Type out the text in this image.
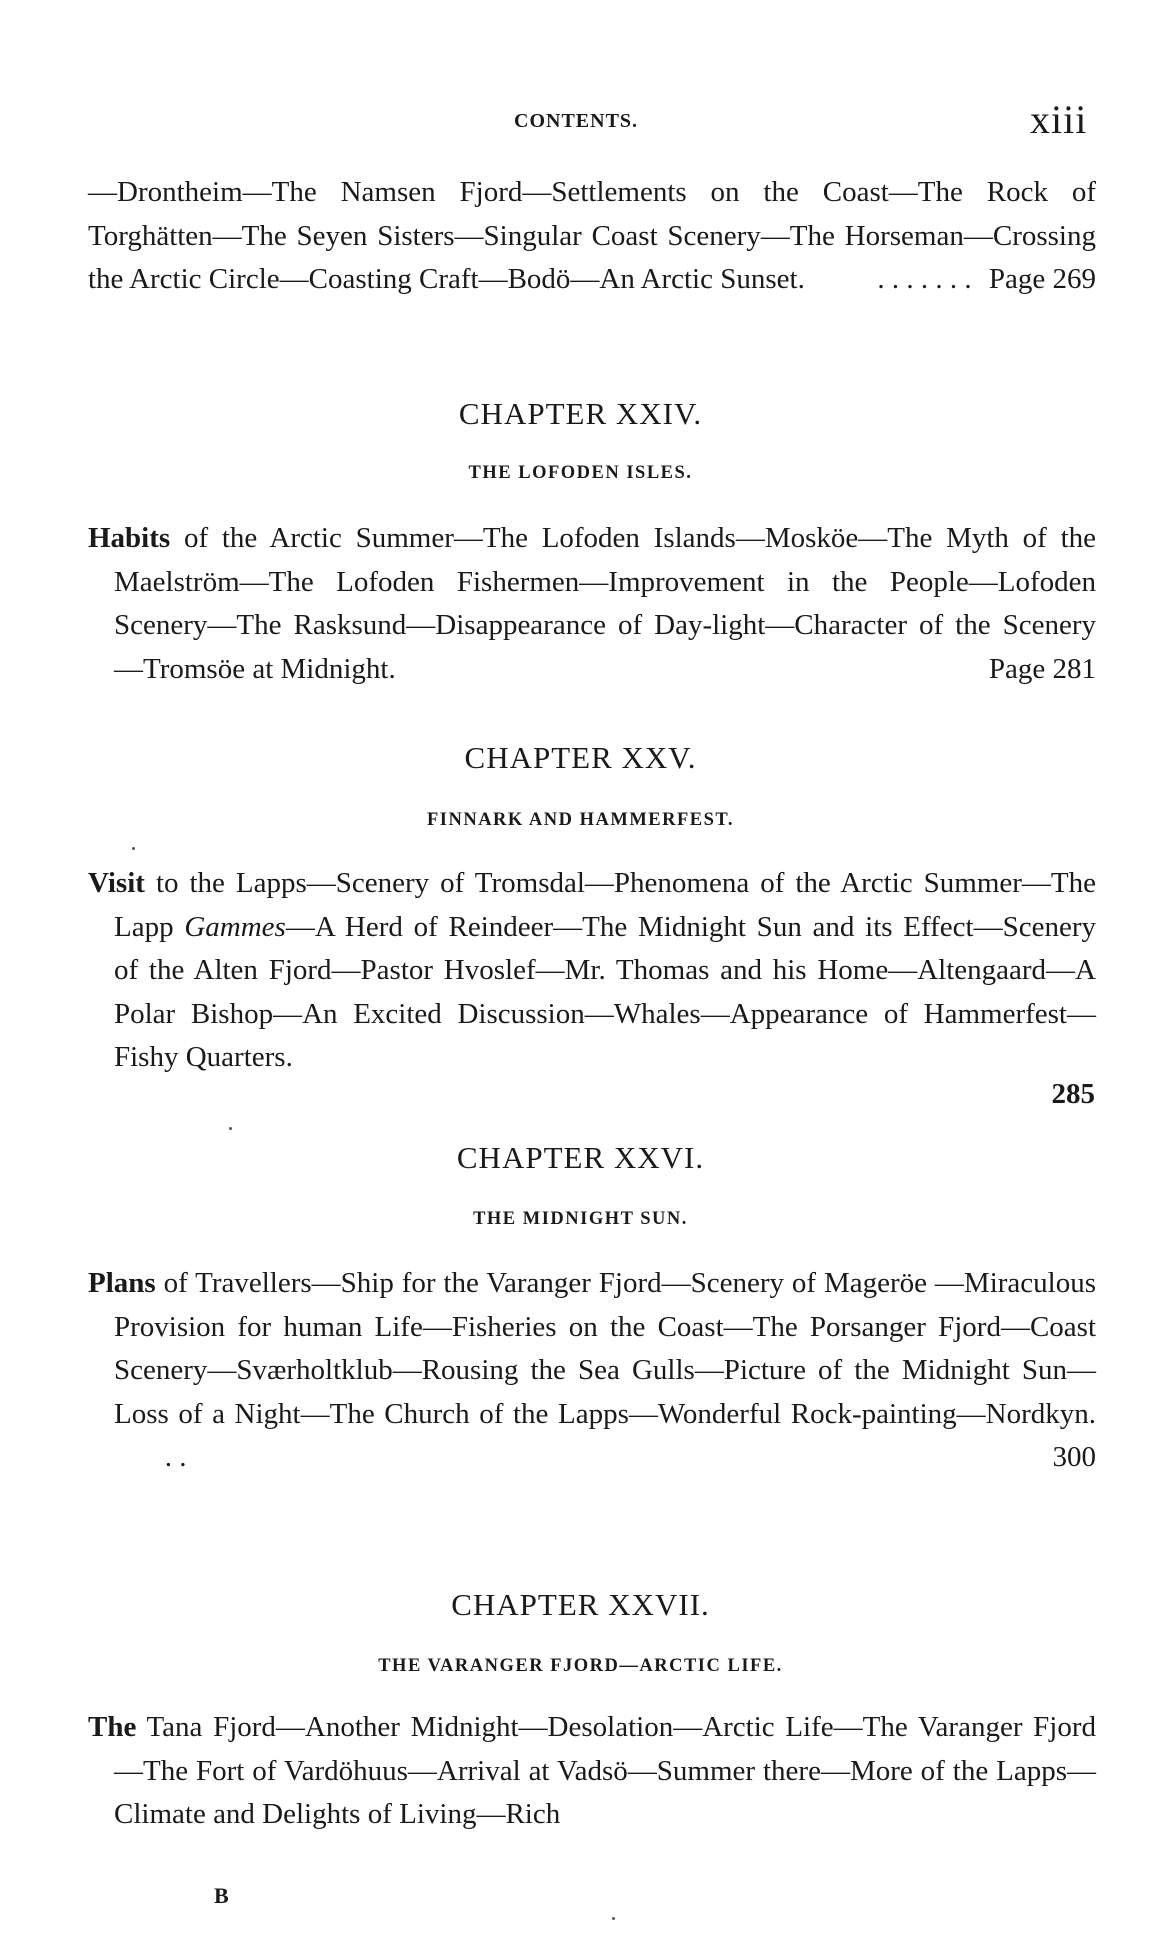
CONTENTS.	xiii

—Drontheim—The Namsen Fjord—Settlements on the Coast—The Rock of Torghätten—The Seyen Sisters—Singular Coast Scenery—The Horseman—Crossing the Arctic Circle—Coasting Craft—Bodö—An Arctic Sunset.	. . . . . . . Page 269

CHAPTER XXIV.
THE LOFODEN ISLES.

Habits of the Arctic Summer—The Lofoden Islands—Mosköe—The Myth of the Maelström—The Lofoden Fishermen—Improvement in the People—Lofoden Scenery—The Rasksund—Disappearance of Day-light—Character of the Scenery—Tromsöe at Midnight.	Page 281

CHAPTER XXV.
FINNARK AND HAMMERFEST.

Visit to the Lapps—Scenery of Tromsdal—Phenomena of the Arctic Summer—The Lapp Gammes—A Herd of Reindeer—The Midnight Sun and its Effect—Scenery of the Alten Fjord—Pastor Hvoslef—Mr. Thomas and his Home—Altengaard—A Polar Bishop—An Excited Discussion—Whales—Appearance of Hammerfest—Fishy Quarters.

285
CHAPTER XXVI.
THE MIDNIGHT SUN.

Plans of Travellers—Ship for the Varanger Fjord—Scenery of Mageröe —Miraculous Provision for human Life—Fisheries on the Coast—The Porsanger Fjord—Coast Scenery—Sværholtklub—Rousing the Sea Gulls—Picture of the Midnight Sun—Loss of a Night—The Church of the Lapps—Wonderful Rock-painting—Nordkyn.        . .	300

CHAPTER XXVII.
THE VARANGER FJORD—ARCTIC LIFE.

The Tana Fjord—Another Midnight—Desolation—Arctic Life—The Varanger Fjord—The Fort of Vardöhuus—Arrival at Vadsö—Summer there—More of the Lapps—Climate and Delights of Living—Rich

B
